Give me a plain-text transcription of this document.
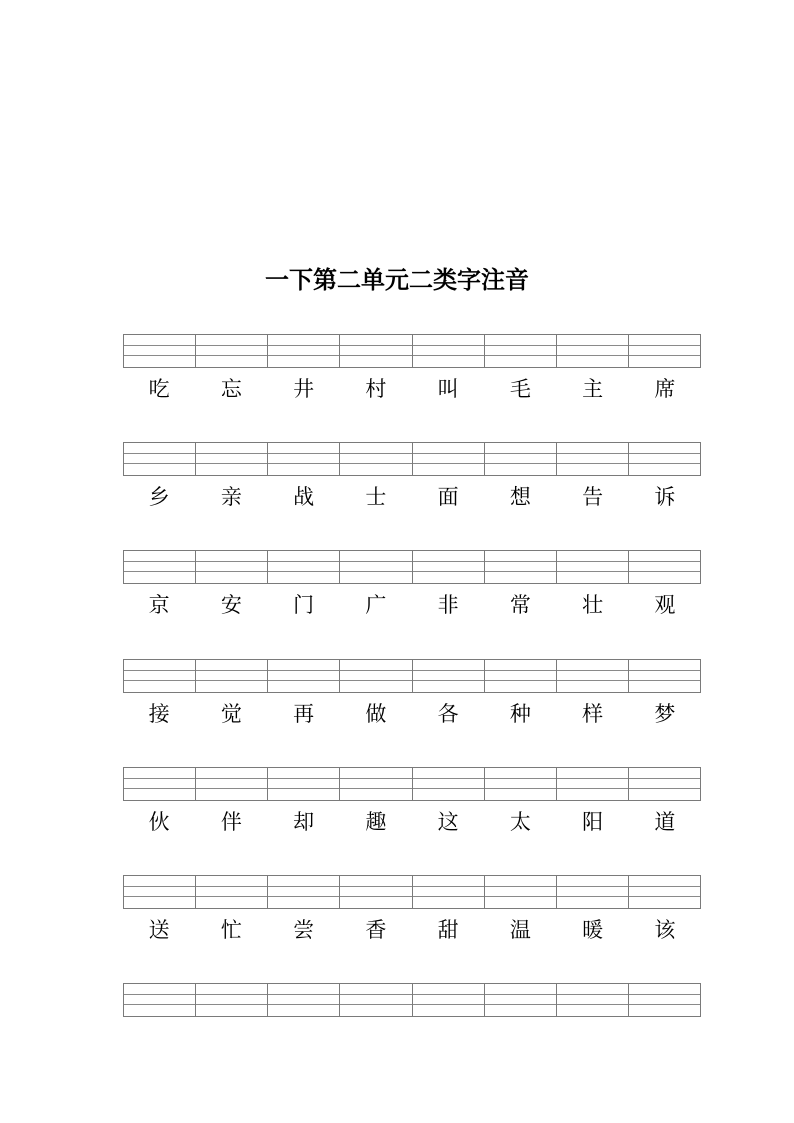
一下第二单元二类字注音
吃	忘	井	村	叫	毛	主	席
乡	亲	战	士	面	想	告	诉
京	安	门	广	非	常	壮	观
接	觉	再	做	各	种	样	梦
伙	伴	却	趣	这	太	阳	道
送	忙	尝	香	甜	温	暖	该
